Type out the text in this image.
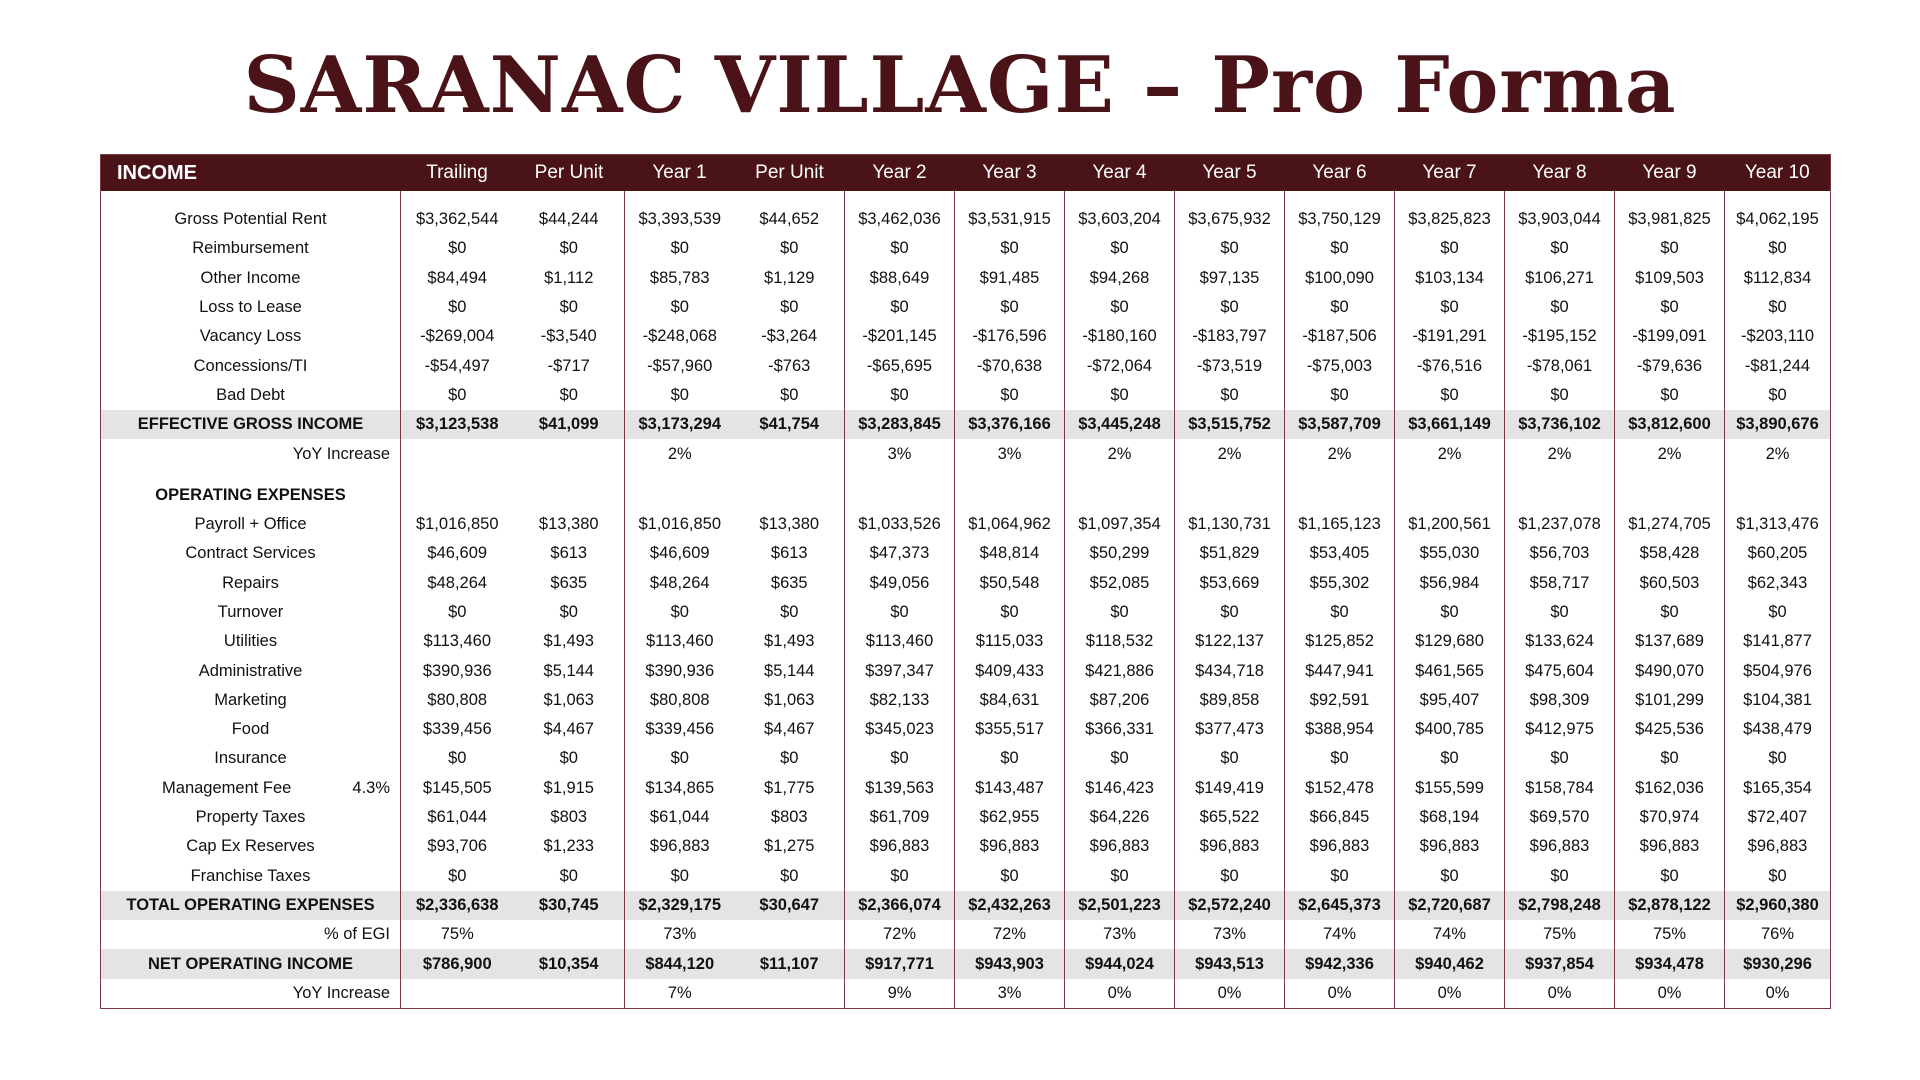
SARANAC VILLAGE – Pro Forma
INCOME	Trailing	Per Unit	Year 1	Per Unit	Year 2	Year 3	Year 4	Year 5	Year 6	Year 7	Year 8	Year 9	Year 10

Gross Potential Rent	$3,362,544	$44,244	$3,393,539	$44,652	$3,462,036	$3,531,915	$3,603,204	$3,675,932	$3,750,129	$3,825,823	$3,903,044	$3,981,825	$4,062,195
Reimbursement	$0	$0	$0	$0	$0	$0	$0	$0	$0	$0	$0	$0	$0
Other Income	$84,494	$1,112	$85,783	$1,129	$88,649	$91,485	$94,268	$97,135	$100,090	$103,134	$106,271	$109,503	$112,834
Loss to Lease	$0	$0	$0	$0	$0	$0	$0	$0	$0	$0	$0	$0	$0
Vacancy Loss	-$269,004	-$3,540	-$248,068	-$3,264	-$201,145	-$176,596	-$180,160	-$183,797	-$187,506	-$191,291	-$195,152	-$199,091	-$203,110
Concessions/TI	-$54,497	-$717	-$57,960	-$763	-$65,695	-$70,638	-$72,064	-$73,519	-$75,003	-$76,516	-$78,061	-$79,636	-$81,244
Bad Debt	$0	$0	$0	$0	$0	$0	$0	$0	$0	$0	$0	$0	$0
EFFECTIVE GROSS INCOME	$3,123,538	$41,099	$3,173,294	$41,754	$3,283,845	$3,376,166	$3,445,248	$3,515,752	$3,587,709	$3,661,149	$3,736,102	$3,812,600	$3,890,676
YoY Increase			2%		3%	3%	2%	2%	2%	2%	2%	2%	2%

OPERATING EXPENSES													
Payroll + Office	$1,016,850	$13,380	$1,016,850	$13,380	$1,033,526	$1,064,962	$1,097,354	$1,130,731	$1,165,123	$1,200,561	$1,237,078	$1,274,705	$1,313,476
Contract Services	$46,609	$613	$46,609	$613	$47,373	$48,814	$50,299	$51,829	$53,405	$55,030	$56,703	$58,428	$60,205
Repairs	$48,264	$635	$48,264	$635	$49,056	$50,548	$52,085	$53,669	$55,302	$56,984	$58,717	$60,503	$62,343
Turnover	$0	$0	$0	$0	$0	$0	$0	$0	$0	$0	$0	$0	$0
Utilities	$113,460	$1,493	$113,460	$1,493	$113,460	$115,033	$118,532	$122,137	$125,852	$129,680	$133,624	$137,689	$141,877
Administrative	$390,936	$5,144	$390,936	$5,144	$397,347	$409,433	$421,886	$434,718	$447,941	$461,565	$475,604	$490,070	$504,976
Marketing	$80,808	$1,063	$80,808	$1,063	$82,133	$84,631	$87,206	$89,858	$92,591	$95,407	$98,309	$101,299	$104,381
Food	$339,456	$4,467	$339,456	$4,467	$345,023	$355,517	$366,331	$377,473	$388,954	$400,785	$412,975	$425,536	$438,479
Insurance	$0	$0	$0	$0	$0	$0	$0	$0	$0	$0	$0	$0	$0
Management Fee 4.3%	$145,505	$1,915	$134,865	$1,775	$139,563	$143,487	$146,423	$149,419	$152,478	$155,599	$158,784	$162,036	$165,354
Property Taxes	$61,044	$803	$61,044	$803	$61,709	$62,955	$64,226	$65,522	$66,845	$68,194	$69,570	$70,974	$72,407
Cap Ex Reserves	$93,706	$1,233	$96,883	$1,275	$96,883	$96,883	$96,883	$96,883	$96,883	$96,883	$96,883	$96,883	$96,883
Franchise Taxes	$0	$0	$0	$0	$0	$0	$0	$0	$0	$0	$0	$0	$0
TOTAL OPERATING EXPENSES	$2,336,638	$30,745	$2,329,175	$30,647	$2,366,074	$2,432,263	$2,501,223	$2,572,240	$2,645,373	$2,720,687	$2,798,248	$2,878,122	$2,960,380
% of EGI	75%		73%		72%	72%	73%	73%	74%	74%	75%	75%	76%
NET OPERATING INCOME	$786,900	$10,354	$844,120	$11,107	$917,771	$943,903	$944,024	$943,513	$942,336	$940,462	$937,854	$934,478	$930,296
YoY Increase			7%		9%	3%	0%	0%	0%	0%	0%	0%	0%
